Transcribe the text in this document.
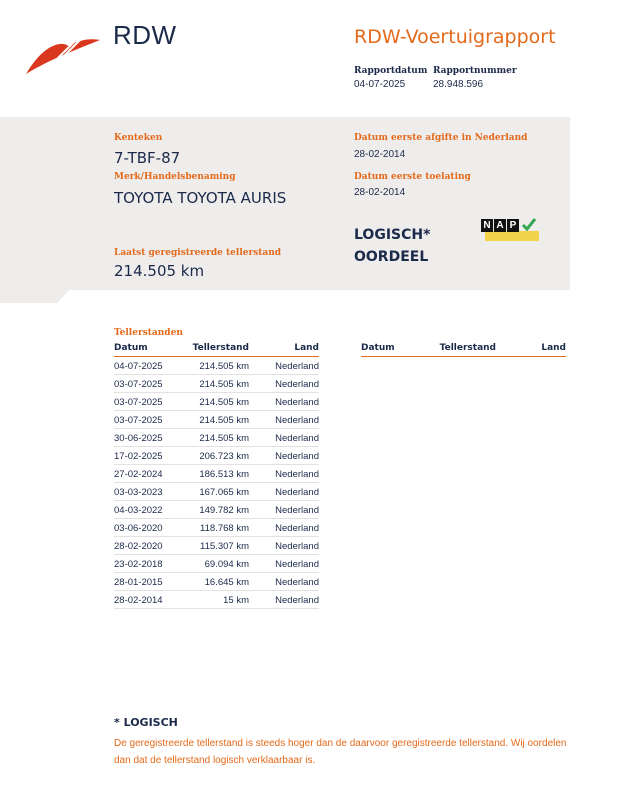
RDW	RDW-Voertuigrapport
Rapportdatum
04-07-2025
Rapportnummer
28.948.596
Kenteken
7-TBF-87
Merk/Handelsbenaming
TOYOTA TOYOTA AURIS
Laatst geregistreerde tellerstand
214.505 km
Datum eerste afgifte in Nederland
28-02-2014
Datum eerste toelating
28-02-2014
LOGISCH*
OORDEEL
N A P
Tellerstanden
Datum	Tellerstand	Land
04-07-2025	214.505 km	Nederland
03-07-2025	214.505 km	Nederland
03-07-2025	214.505 km	Nederland
03-07-2025	214.505 km	Nederland
30-06-2025	214.505 km	Nederland
17-02-2025	206.723 km	Nederland
27-02-2024	186.513 km	Nederland
03-03-2023	167.065 km	Nederland
04-03-2022	149.782 km	Nederland
03-06-2020	118.768 km	Nederland
28-02-2020	115.307 km	Nederland
23-02-2018	69.094 km	Nederland
28-01-2015	16.645 km	Nederland
28-02-2014	15 km	Nederland
Datum	Tellerstand	Land
* LOGISCH
De geregistreerde tellerstand is steeds hoger dan de daarvoor geregistreerde tellerstand. Wij oordelen dan dat de tellerstand logisch verklaarbaar is.
